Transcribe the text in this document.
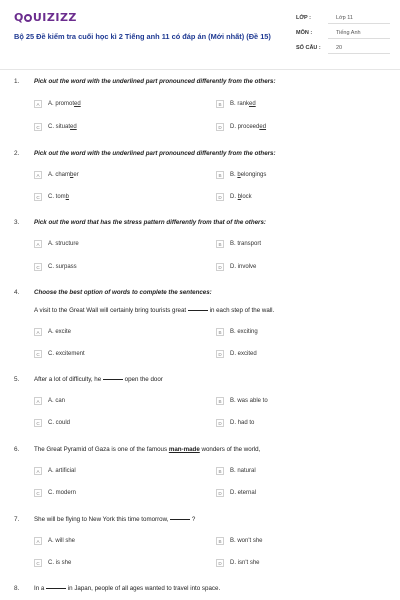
Q UIZIZZ
Bộ 25 Đề kiểm tra cuối học kì 2 Tiếng anh 11 có đáp án (Mới nhất) (Đề 15)
LỚP :	Lớp 11
MÔN :	Tiếng Anh
SỐ CÂU :	20
1. Pick out the word with the underlined part pronounced differently from the others:
A	A. promoted	B	B. ranked
C	C. situated	D	D. proceeded
2. Pick out the word with the underlined part pronounced differently from the others:
A	A. chamber	B	B. belongings
C	C. tomb	D	D. block
3. Pick out the word that has the stress pattern differently from that of the others:
A	A. structure	B	B. transport
C	C. surpass	D	D. involve
4. Choose the best option of words to complete the sentences:
A visit to the Great Wall will certainly bring tourists great	in each step of the wall.
A	A. excite	B	B. exciting
C	C. excitement	D	D. excited
5. After a lot of difficulty, he	open the door
A	A. can	B	B. was able to
C	C. could	D	D. had to
6. The Great Pyramid of Gaza is one of the famous man-made wonders of the world,
A	A. artificial	B	B. natural
C	C. modern	D	D. eternal
7. She will be flying to New York this time tomorrow,	?
A	A. will she	B	B. won't she
C	C. is she	D	D. isn't she
8. In a	in Japan, people of all ages wanted to travel into space.
